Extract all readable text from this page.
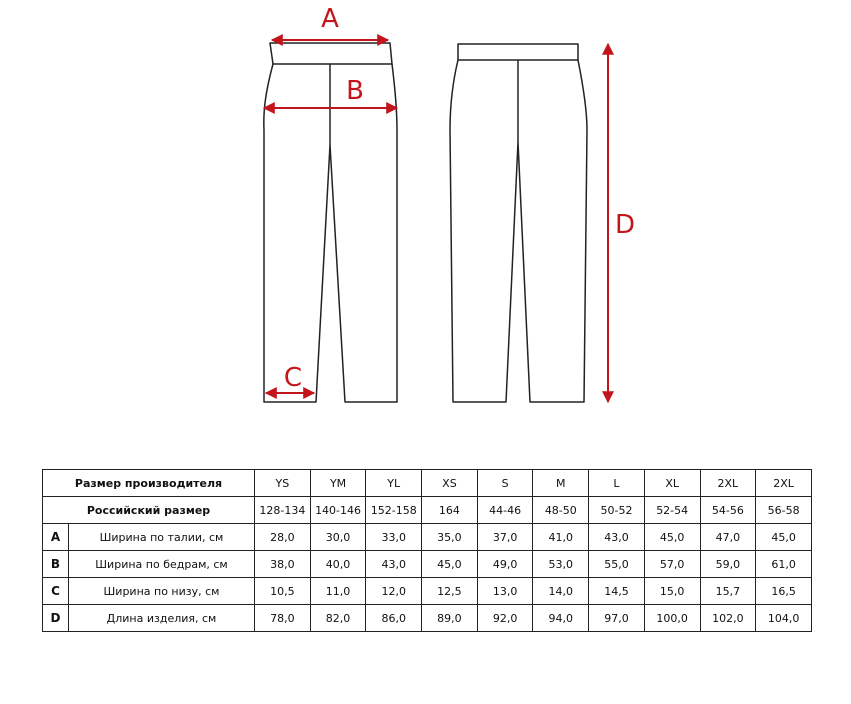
A
B
C
D
Размер производителя		YS	YM	YL	XS	S	M	L	XL	2XL	2XL
Российский размер		128-134	140-146	152-158	164	44-46	48-50	50-52	52-54	54-56	56-58
A	Ширина по талии, см	28,0	30,0	33,0	35,0	37,0	41,0	43,0	45,0	47,0	45,0
B	Ширина по бедрам, см	38,0	40,0	43,0	45,0	49,0	53,0	55,0	57,0	59,0	61,0
C	Ширина по низу, см	10,5	11,0	12,0	12,5	13,0	14,0	14,5	15,0	15,7	16,5
D	Длина изделия, см	78,0	82,0	86,0	89,0	92,0	94,0	97,0	100,0	102,0	104,0
